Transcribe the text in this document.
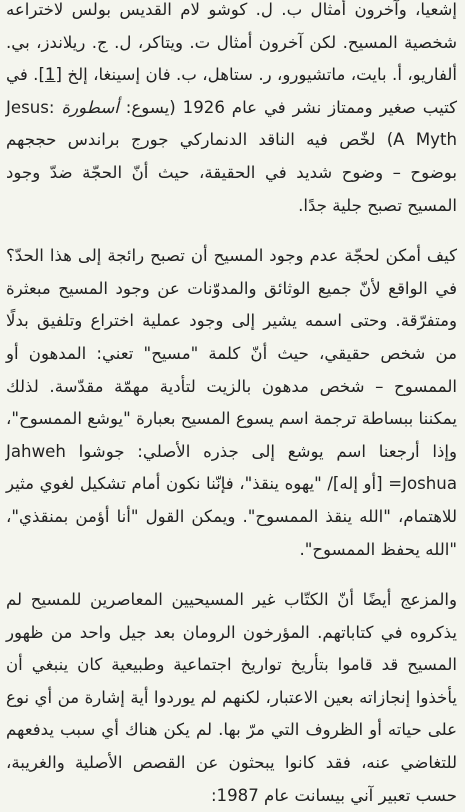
إشعيا، وآخرون أمثال ب. ل. كوشو لام القديس بولس لاختراعه شخصية المسيح. لكن آخرون أمثال ت. ويتاكر، ل. ج. ريلاندز، بي. ألفاريو، أ. بايت، ماتشيورو، ر. ستاهل، ب. فان إسينغا، إلخ [1]. في كتيب صغير وممتاز نشر في عام 1926 (يسوع: أسطورة Jesus: A Myth) لخّص فيه الناقد الدنماركي جورج براندس حججهم بوضوح – وضوح شديد في الحقيقة، حيث أنّ الحجّة ضدّ وجود المسيح تصبح جلية جدًا.

كيف أمكن لحجّة عدم وجود المسيح أن تصبح رائجة إلى هذا الحدّ؟ في الواقع لأنّ جميع الوثائق والمدوّنات عن وجود المسيح مبعثرة ومتفرّقة. وحتى اسمه يشير إلى وجود عملية اختراع وتلفيق بدلًا من شخص حقيقي، حيث أنّ كلمة "مسيح" تعني: المدهون أو الممسوح – شخص مدهون بالزيت لتأدية مهمّة مقدّسة. لذلك يمكننا ببساطة ترجمة اسم يسوع المسيح بعبارة "يوشع الممسوح"، وإذا أرجعنا اسم يوشع إلى جذره الأصلي: جوشوا Jahweh =Joshua [أو إله]/ "يهوه ينقذ"، فإنّنا نكون أمام تشكيل لغوي مثير للاهتمام، "الله ينقذ الممسوح". ويمكن القول "أنا أؤمن بمنقذي"، "الله يحفظ الممسوح".

والمزعج أيضًا أنّ الكتّاب غير المسيحيين المعاصرين للمسيح لم يذكروه في كتاباتهم. المؤرخون الرومان بعد جيل واحد من ظهور المسيح قد قاموا بتأريخ تواريخ اجتماعية وطبيعية كان ينبغي أن يأخذوا إنجازاته بعين الاعتبار، لكنهم لم يوردوا أية إشارة من أي نوع على حياته أو الظروف التي مرّ بها. لم يكن هناك أي سبب يدفعهم للتغاضي عنه، فقد كانوا يبحثون عن القصص الأصلية والغريبة، حسب تعبير آني بيسانت عام 1987:
